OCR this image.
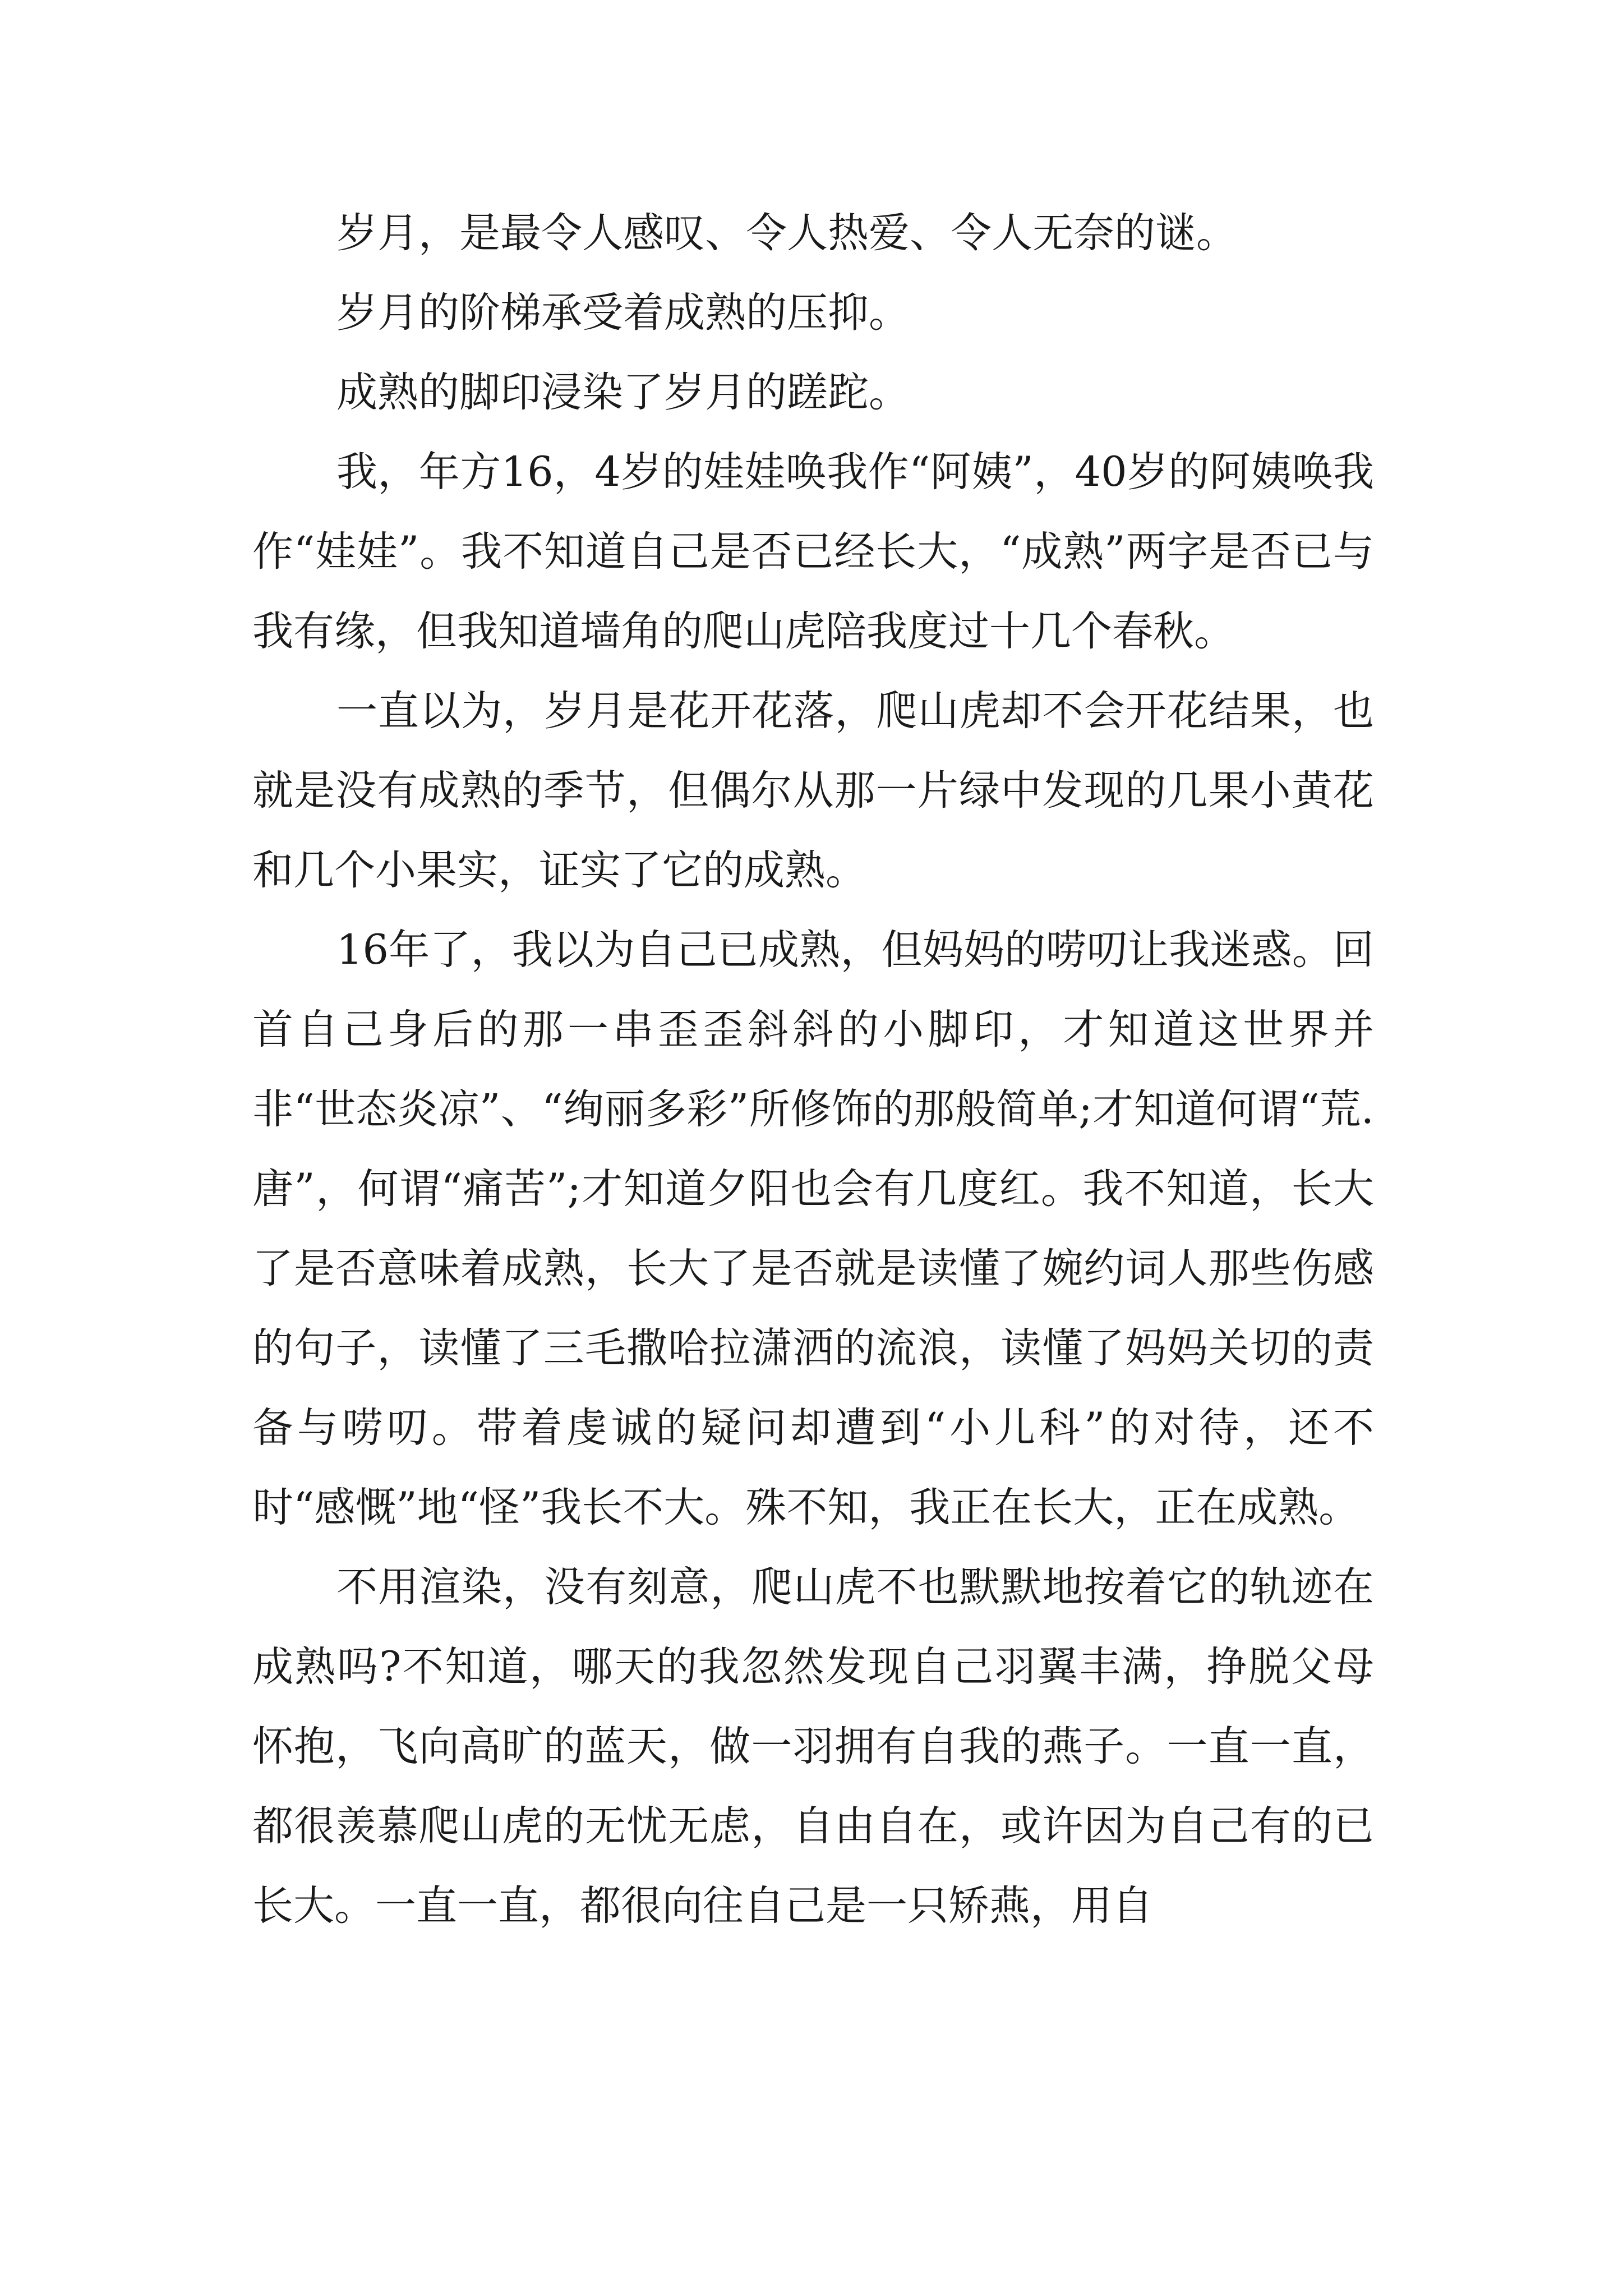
岁月，是最令人感叹、令人热爱、令人无奈的谜。

岁月的阶梯承受着成熟的压抑。

成熟的脚印浸染了岁月的蹉跎。

我，年方16，4岁的娃娃唤我作“阿姨”，40岁的阿姨唤我作“娃娃”。我不知道自己是否已经长大，“成熟”两字是否已与我有缘，但我知道墙角的爬山虎陪我度过十几个春秋。

一直以为，岁月是花开花落，爬山虎却不会开花结果，也就是没有成熟的季节，但偶尔从那一片绿中发现的几果小黄花和几个小果实，证实了它的成熟。

16年了，我以为自己已成熟，但妈妈的唠叨让我迷惑。回首自己身后的那一串歪歪斜斜的小脚印，才知道这世界并非“世态炎凉”、“绚丽多彩”所修饰的那般简单;才知道何谓“荒.唐”，何谓“痛苦”;才知道夕阳也会有几度红。我不知道，长大了是否意味着成熟，长大了是否就是读懂了婉约词人那些伤感的句子，读懂了三毛撒哈拉潇洒的流浪，读懂了妈妈关切的责备与唠叨。带着虔诚的疑问却遭到“小儿科”的对待，还不时“感慨”地“怪”我长不大。殊不知，我正在长大，正在成熟。

不用渲染，没有刻意，爬山虎不也默默地按着它的轨迹在成熟吗?不知道，哪天的我忽然发现自己羽翼丰满，挣脱父母怀抱，飞向高旷的蓝天，做一羽拥有自我的燕子。一直一直，都很羡慕爬山虎的无忧无虑，自由自在，或许因为自己有的已长大。一直一直，都很向往自己是一只矫燕，用自
